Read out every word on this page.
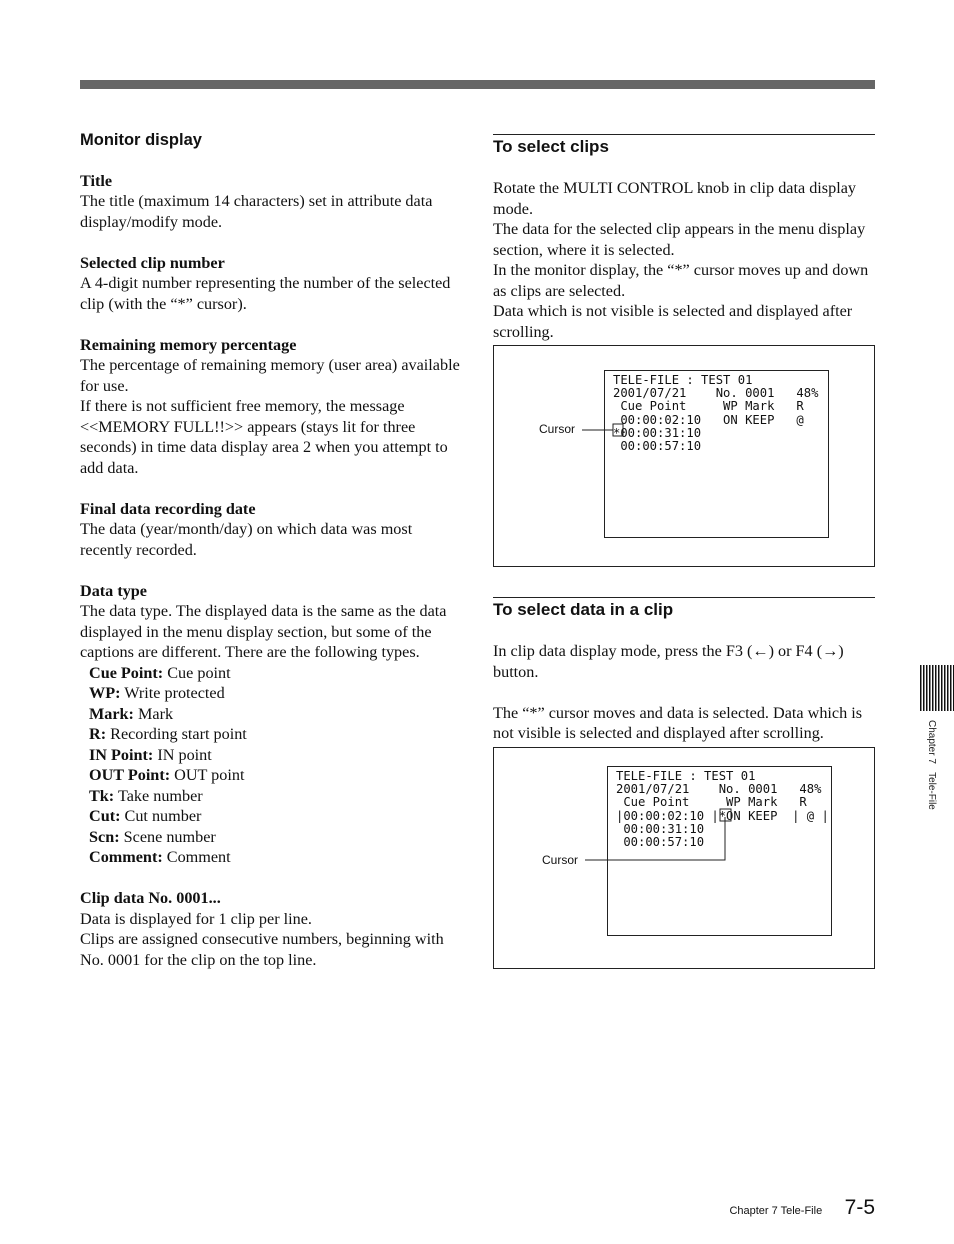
Monitor display

Title

The title (maximum 14 characters) set in attribute data display/modify mode.

Selected clip number

A 4-digit number representing the number of the selected clip (with the “*” cursor).

Remaining memory percentage

The percentage of remaining memory (user area) available for use.

If there is not sufficient free memory, the message <<MEMORY FULL!!>> appears (stays lit for three seconds) in time data display area 2 when you attempt to add data.

Final data recording date

The data (year/month/day) on which data was most recently recorded.

Data type

The data type. The displayed data is the same as the data displayed in the menu display section, but some of the captions are different. There are the following types.

Cue Point: Cue point

WP: Write protected

Mark: Mark

R: Recording start point

IN Point: IN point

OUT Point: OUT point

Tk: Take number

Cut: Cut number

Scn: Scene number

Comment: Comment

Clip data No. 0001...

Data is displayed for 1 clip per line.

Clips are assigned consecutive numbers, beginning with No. 0001 for the clip on the top line.

To select clips

Rotate the MULTI CONTROL knob in clip data display mode.

The data for the selected clip appears in the menu display section, where it is selected.

In the monitor display, the “*” cursor moves up and down as clips are selected.

Data which is not visible is selected and displayed after scrolling.

TELE-FILE : TEST 01
2001/07/21    No. 0001   48%
Cue Point     WP Mark   R
00:00:02:10   ON KEEP   @
*00:00:31:10
00:00:57:10
Cursor

To select data in a clip

In clip data display mode, press the F3 (←) or F4 (→) button.

The “*” cursor moves and data is selected. Data which is not visible is selected and displayed after scrolling.

TELE-FILE : TEST 01
2001/07/21    No. 0001   48%
Cue Point     WP Mark   R
|00:00:02:10 |*ON KEEP  | @ |
00:00:31:10
00:00:57:10
Cursor
Chapter 7   Tele-File
Chapter 7 Tele-File 7-5
